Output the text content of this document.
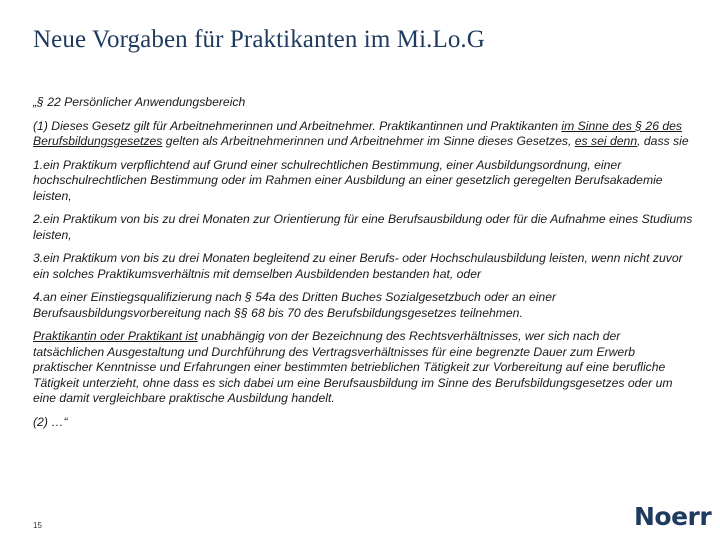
Neue Vorgaben für Praktikanten im Mi.Lo.G

„§ 22 Persönlicher Anwendungsbereich

(1) Dieses Gesetz gilt für Arbeitnehmerinnen und Arbeitnehmer. Praktikantinnen und Praktikanten im Sinne des § 26 des Berufsbildungsgesetzes gelten als Arbeitnehmerinnen und Arbeitnehmer im Sinne dieses Gesetzes, es sei denn, dass sie

1.ein Praktikum verpflichtend auf Grund einer schulrechtlichen Bestimmung, einer Ausbildungsordnung, einer hochschulrechtlichen Bestimmung oder im Rahmen einer Ausbildung an einer gesetzlich geregelten Berufsakademie leisten,

2.ein Praktikum von bis zu drei Monaten zur Orientierung für eine Berufsausbildung oder für die Aufnahme eines Studiums leisten,

3.ein Praktikum von bis zu drei Monaten begleitend zu einer Berufs- oder Hochschulausbildung leisten, wenn nicht zuvor ein solches Praktikumsverhältnis mit demselben Ausbildenden bestanden hat, oder

4.an einer Einstiegsqualifizierung nach § 54a des Dritten Buches Sozialgesetzbuch oder an einer Berufsausbildungsvorbereitung nach §§ 68 bis 70 des Berufsbildungsgesetzes teilnehmen.

Praktikantin oder Praktikant ist unabhängig von der Bezeichnung des Rechtsverhältnisses, wer sich nach der tatsächlichen Ausgestaltung und Durchführung des Vertragsverhältnisses für eine begrenzte Dauer zum Erwerb praktischer Kenntnisse und Erfahrungen einer bestimmten betrieblichen Tätigkeit zur Vorbereitung auf eine berufliche Tätigkeit unterzieht, ohne dass es sich dabei um eine Berufsausbildung im Sinne des Berufsbildungsgesetzes oder um eine damit vergleichbare praktische Ausbildung handelt.

(2) …“

15	Noerr
